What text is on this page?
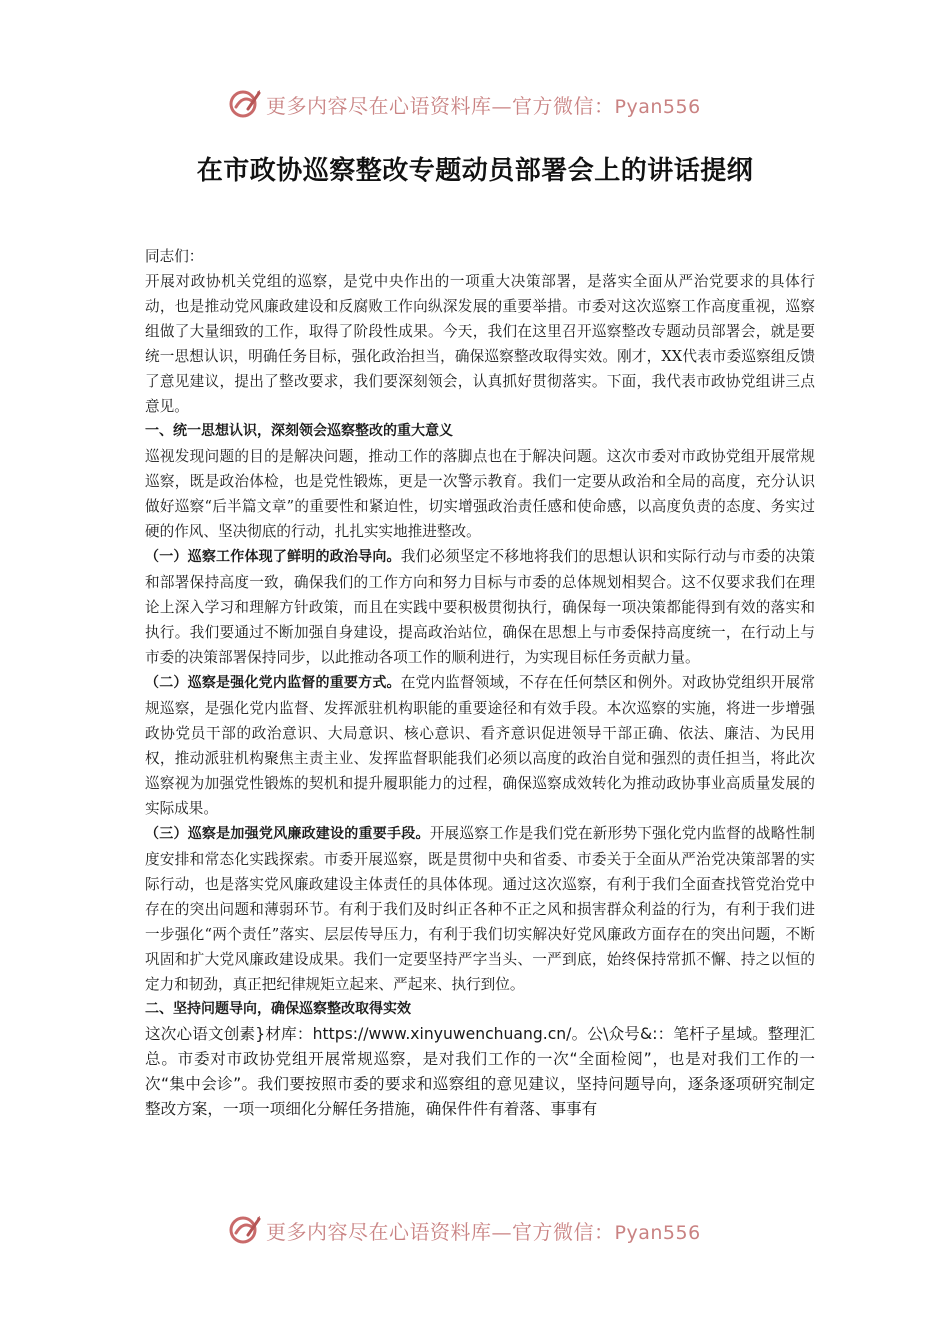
更多内容尽在心语资料库—官方微信：Pyan556
在市政协巡察整改专题动员部署会上的讲话提纲

同志们：

开展对政协机关党组的巡察，是党中央作出的一项重大决策部署，是落实全面从严治党要求的具体行动，也是推动党风廉政建设和反腐败工作向纵深发展的重要举措。市委对这次巡察工作高度重视，巡察组做了大量细致的工作，取得了阶段性成果。今天，我们在这里召开巡察整改专题动员部署会，就是要统一思想认识，明确任务目标，强化政治担当，确保巡察整改取得实效。刚才，XX代表市委巡察组反馈了意见建议，提出了整改要求，我们要深刻领会，认真抓好贯彻落实。下面，我代表市政协党组讲三点意见。

一、统一思想认识，深刻领会巡察整改的重大意义

巡视发现问题的目的是解决问题，推动工作的落脚点也在于解决问题。这次市委对市政协党组开展常规巡察，既是政治体检，也是党性锻炼，更是一次警示教育。我们一定要从政治和全局的高度，充分认识做好巡察“后半篇文章”的重要性和紧迫性，切实增强政治责任感和使命感，以高度负责的态度、务实过硬的作风、坚决彻底的行动，扎扎实实地推进整改。

（一）巡察工作体现了鲜明的政治导向。我们必须坚定不移地将我们的思想认识和实际行动与市委的决策和部署保持高度一致，确保我们的工作方向和努力目标与市委的总体规划相契合。这不仅要求我们在理论上深入学习和理解方针政策，而且在实践中要积极贯彻执行，确保每一项决策都能得到有效的落实和执行。我们要通过不断加强自身建设，提高政治站位，确保在思想上与市委保持高度统一，在行动上与市委的决策部署保持同步，以此推动各项工作的顺利进行，为实现目标任务贡献力量。

（二）巡察是强化党内监督的重要方式。在党内监督领域，不存在任何禁区和例外。对政协党组织开展常规巡察，是强化党内监督、发挥派驻机构职能的重要途径和有效手段。本次巡察的实施，将进一步增强政协党员干部的政治意识、大局意识、核心意识、看齐意识促进领导干部正确、依法、廉洁、为民用权，推动派驻机构聚焦主责主业、发挥监督职能我们必须以高度的政治自觉和强烈的责任担当，将此次巡察视为加强党性锻炼的契机和提升履职能力的过程，确保巡察成效转化为推动政协事业高质量发展的实际成果。

（三）巡察是加强党风廉政建设的重要手段。开展巡察工作是我们党在新形势下强化党内监督的战略性制度安排和常态化实践探索。市委开展巡察，既是贯彻中央和省委、市委关于全面从严治党决策部署的实际行动，也是落实党风廉政建设主体责任的具体体现。通过这次巡察，有利于我们全面查找管党治党中存在的突出问题和薄弱环节。有利于我们及时纠正各种不正之风和损害群众利益的行为，有利于我们进一步强化“两个责任”落实、层层传导压力，有利于我们切实解决好党风廉政方面存在的突出问题，不断巩固和扩大党风廉政建设成果。我们一定要坚持严字当头、一严到底，始终保持常抓不懈、持之以恒的定力和韧劲，真正把纪律规矩立起来、严起来、执行到位。

二、坚持问题导向，确保巡察整改取得实效

这次心语文创素}材库：https://www.xinyuwenchuang.cn/。公\众号&:：笔杆子星域。整理汇总。市委对市政协党组开展常规巡察，是对我们工作的一次“全面检阅”，也是对我们工作的一次“集中会诊”。我们要按照市委的要求和巡察组的意见建议，坚持问题导向，逐条逐项研究制定整改方案，一项一项细化分解任务措施，确保件件有着落、事事有

更多内容尽在心语资料库—官方微信：Pyan556
